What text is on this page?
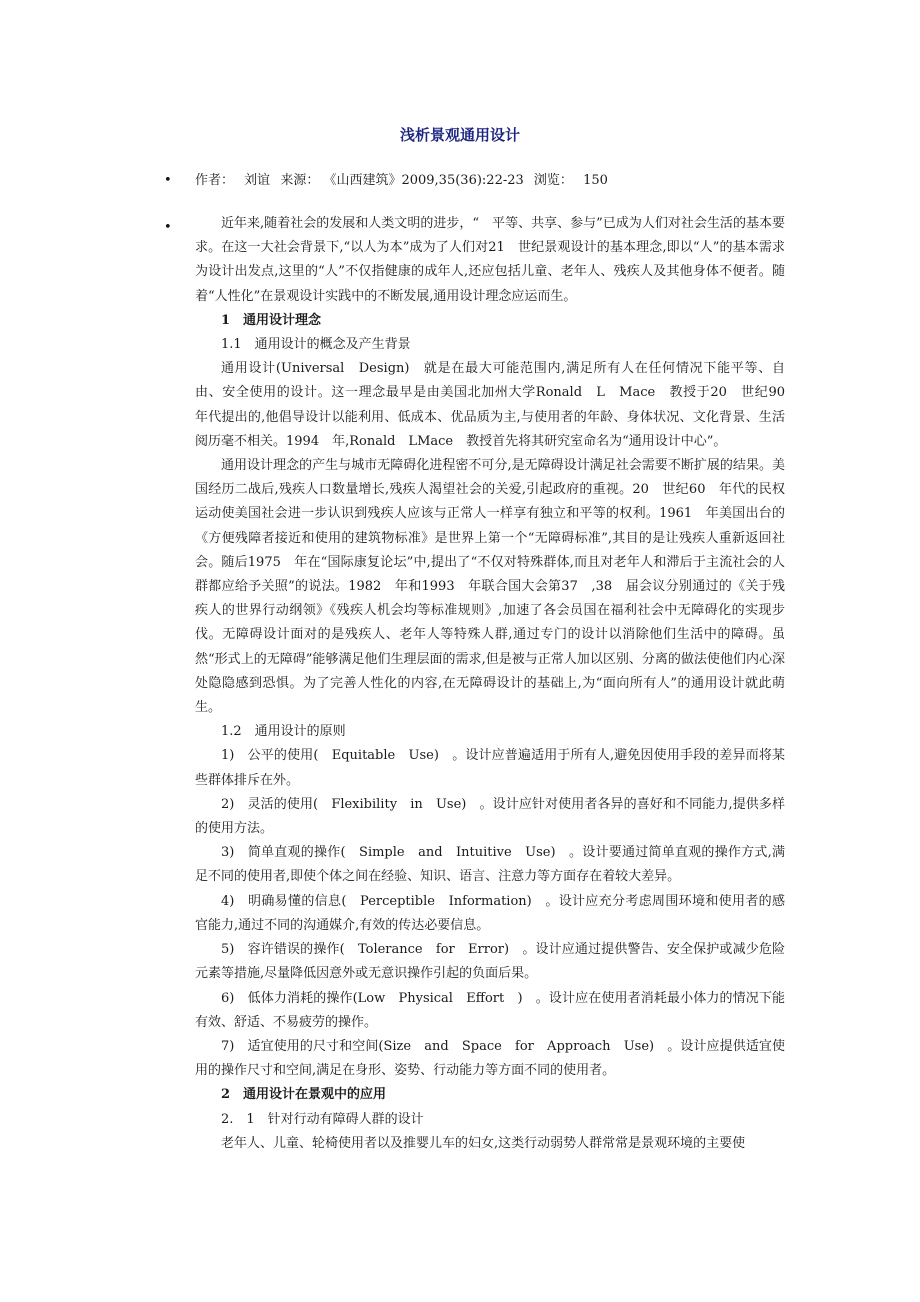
浅析景观通用设计
• 作者： 刘谊 来源： 《山西建筑》2009,35(36):22-23 浏览： 150
•	近年来,随着社会的发展和人类文明的进步，“　平等、共享、参与”已成为人们对社会生活的基本要求。在这一大社会背景下,“以人为本”成为了人们对21　世纪景观设计的基本理念,即以“人”的基本需求为设计出发点,这里的“人”不仅指健康的成年人,还应包括儿童、老年人、残疾人及其他身体不便者。随着“人性化”在景观设计实践中的不断发展,通用设计理念应运而生。

1　通用设计理念

1.1　通用设计的概念及产生背景

通用设计(Universal　Design)　就是在最大可能范围内,满足所有人在任何情况下能平等、自由、安全使用的设计。这一理念最早是由美国北加州大学Ronald　L　Mace　教授于20　世纪90　年代提出的,他倡导设计以能利用、低成本、优品质为主,与使用者的年龄、身体状况、文化背景、生活阅历毫不相关。1994　年,Ronald　LMace　教授首先将其研究室命名为“通用设计中心”。

通用设计理念的产生与城市无障碍化进程密不可分,是无障碍设计满足社会需要不断扩展的结果。美国经历二战后,残疾人口数量增长,残疾人渴望社会的关爱,引起政府的重视。20　世纪60　年代的民权运动使美国社会进一步认识到残疾人应该与正常人一样享有独立和平等的权利。1961　年美国出台的《方便残障者接近和使用的建筑物标准》是世界上第一个“无障碍标准”,其目的是让残疾人重新返回社会。随后1975　年在“国际康复论坛”中,提出了“不仅对特殊群体,而且对老年人和滞后于主流社会的人群都应给予关照”的说法。1982　年和1993　年联合国大会第37　,38　届会议分别通过的《关于残疾人的世界行动纲领》《残疾人机会均等标准规则》,加速了各会员国在福利社会中无障碍化的实现步伐。无障碍设计面对的是残疾人、老年人等特殊人群,通过专门的设计以消除他们生活中的障碍。虽然“形式上的无障碍”能够满足他们生理层面的需求,但是被与正常人加以区别、分离的做法使他们内心深处隐隐感到恐惧。为了完善人性化的内容,在无障碍设计的基础上,为“面向所有人”的通用设计就此萌生。

1.2　通用设计的原则

1)　公平的使用(　Equitable　Use)　。设计应普遍适用于所有人,避免因使用手段的差异而将某些群体排斥在外。

2)　灵活的使用(　Flexibility　in　Use)　。设计应针对使用者各异的喜好和不同能力,提供多样的使用方法。

3)　简单直观的操作(　Simple　and　Intuitive　Use)　。设计要通过简单直观的操作方式,满足不同的使用者,即使个体之间在经验、知识、语言、注意力等方面存在着较大差异。

4)　明确易懂的信息(　Perceptible　Information)　。设计应充分考虑周围环境和使用者的感官能力,通过不同的沟通媒介,有效的传达必要信息。

5)　容许错误的操作(　Tolerance　for　Error)　。设计应通过提供警告、安全保护或减少危险元素等措施,尽量降低因意外或无意识操作引起的负面后果。

6)　低体力消耗的操作(Low　Physical　Effort　)　。设计应在使用者消耗最小体力的情况下能有效、舒适、不易疲劳的操作。

7)　适宜使用的尺寸和空间(Size　and　Space　for　Approach　Use)　。设计应提供适宜使用的操作尺寸和空间,满足在身形、姿势、行动能力等方面不同的使用者。

2　通用设计在景观中的应用

2.　1　针对行动有障碍人群的设计

老年人、儿童、轮椅使用者以及推婴儿车的妇女,这类行动弱势人群常常是景观环境的主要使
